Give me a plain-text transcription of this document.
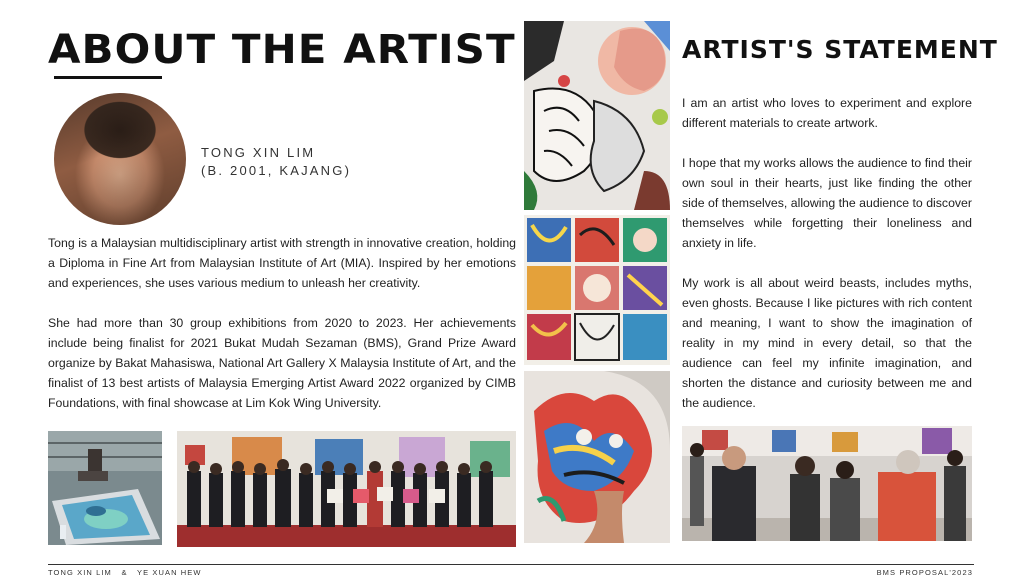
ABOUT THE ARTIST
TONG XIN LIM
(B. 2001, KAJANG)

Tong is a Malaysian multidisciplinary artist with strength in innovative creation, holding a Diploma in Fine Art from Malaysian Institute of Art (MIA). Inspired by her emotions and experiences, she uses various medium to unleash her creativity.

She had more than 30 group exhibitions from 2020 to 2023. Her achievements include being finalist for 2021 Bukat Mudah Sezaman (BMS), Grand Prize Award organize by Bakat Mahasiswa, National Art Gallery X Malaysia Institute of Art, and the finalist of 13 best artists of Malaysia Emerging Artist Award 2022 organized by CIMB Foundations, with final showcase at Lim Kok Wing University.

ARTIST'S STATEMENT

I am an artist who loves to experiment and explore different materials to create artwork.

I hope that my works allows the audience to find their own soul in their hearts, just like finding the other side of themselves, allowing the audience to discover themselves while forgetting their loneliness and anxiety in life.

My work is all about weird beasts, includes myths, even ghosts. Because I like pictures with rich content and meaning, I want to show the imagination of reality in my mind in every detail, so that the audience can feel my infinite imagination, and shorten the distance and curiosity between me and the audience.

TONG XIN LIM   &   YE XUAN HEW	BMS PROPOSAL'2023
